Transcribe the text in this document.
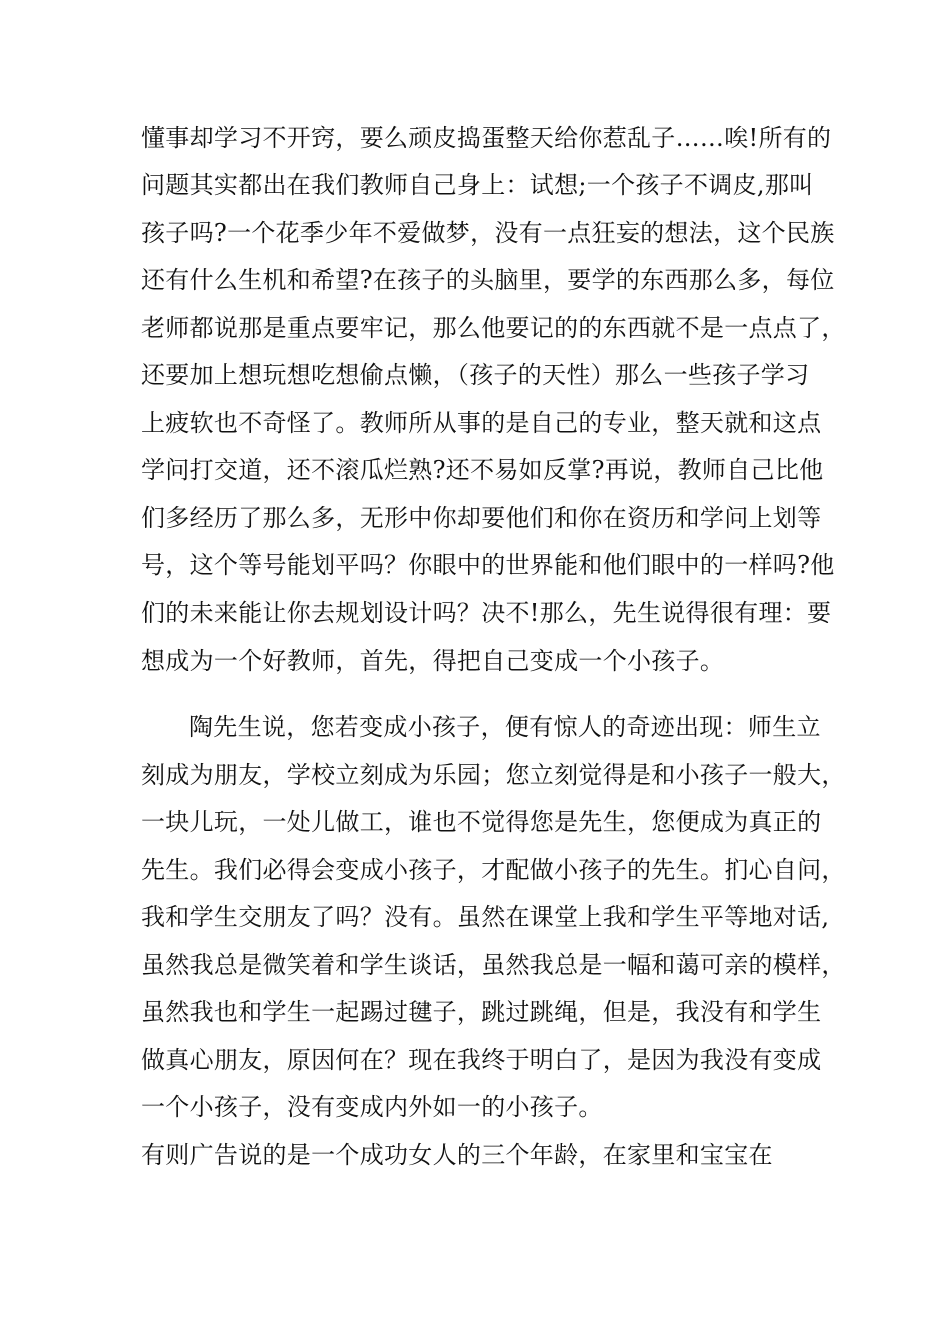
懂事却学习不开窍，要么顽皮捣蛋整天给你惹乱子……唉!所有的
问题其实都出在我们教师自己身上：试想;一个孩子不调皮,那叫
孩子吗?一个花季少年不爱做梦，没有一点狂妄的想法，这个民族
还有什么生机和希望?在孩子的头脑里，要学的东西那么多，每位
老师都说那是重点要牢记，那么他要记的的东西就不是一点点了，
还要加上想玩想吃想偷点懒，（孩子的天性）那么一些孩子学习
上疲软也不奇怪了。教师所从事的是自己的专业，整天就和这点
学问打交道，还不滚瓜烂熟?还不易如反掌?再说，教师自己比他
们多经历了那么多，无形中你却要他们和你在资历和学问上划等
号，这个等号能划平吗？你眼中的世界能和他们眼中的一样吗?他
们的未来能让你去规划设计吗？决不!那么，先生说得很有理：要
想成为一个好教师，首先，得把自己变成一个小孩子。
陶先生说，您若变成小孩子，便有惊人的奇迹出现：师生立
刻成为朋友，学校立刻成为乐园；您立刻觉得是和小孩子一般大，
一块儿玩，一处儿做工，谁也不觉得您是先生，您便成为真正的
先生。我们必得会变成小孩子，才配做小孩子的先生。扪心自问，
我和学生交朋友了吗？没有。虽然在课堂上我和学生平等地对话,
虽然我总是微笑着和学生谈话，虽然我总是一幅和蔼可亲的模样，
虽然我也和学生一起踢过毽子，跳过跳绳，但是，我没有和学生
做真心朋友，原因何在？现在我终于明白了，是因为我没有变成
一个小孩子，没有变成内外如一的小孩子。
有则广告说的是一个成功女人的三个年龄，在家里和宝宝在
